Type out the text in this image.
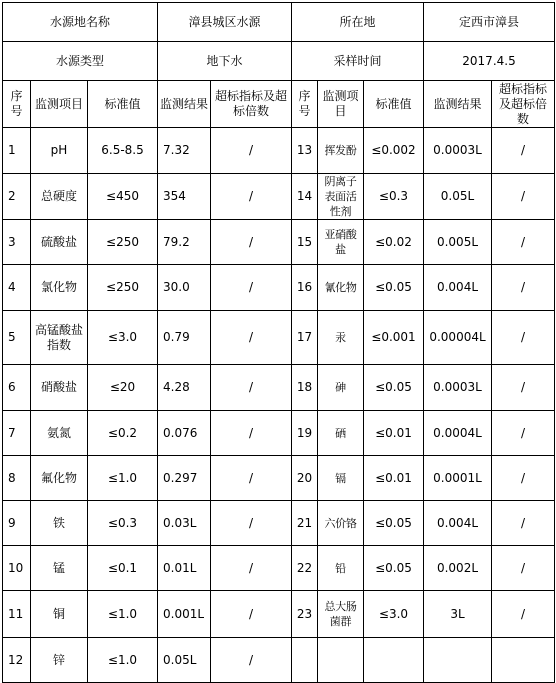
水源地名称			漳县城区水源		所在地			定西市漳县	
水源类型			地下水		采样时间			2017.4.5	
序号	监测项目	标准值	监测结果	超标指标及超标倍数	序号	监测项目	标准值	监测结果	超标指标及超标倍数
1	pH	6.5-8.5	7.32	/	13	挥发酚	≤0.002	0.0003L	/
2	总硬度	≤450	354	/	14	阴离子表面活性剂	≤0.3	0.05L	/
3	硫酸盐	≤250	79.2	/	15	亚硝酸盐	≤0.02	0.005L	/
4	氯化物	≤250	30.0	/	16	氰化物	≤0.05	0.004L	/
5	高锰酸盐指数	≤3.0	0.79	/	17	汞	≤0.001	0.00004L	/
6	硝酸盐	≤20	4.28	/	18	砷	≤0.05	0.0003L	/
7	氨氮	≤0.2	0.076	/	19	硒	≤0.01	0.0004L	/
8	氟化物	≤1.0	0.297	/	20	镉	≤0.01	0.0001L	/
9	铁	≤0.3	0.03L	/	21	六价铬	≤0.05	0.004L	/
10	锰	≤0.1	0.01L	/	22	铅	≤0.05	0.002L	/
11	铜	≤1.0	0.001L	/	23	总大肠菌群	≤3.0	3L	/
12	锌	≤1.0	0.05L	/					
